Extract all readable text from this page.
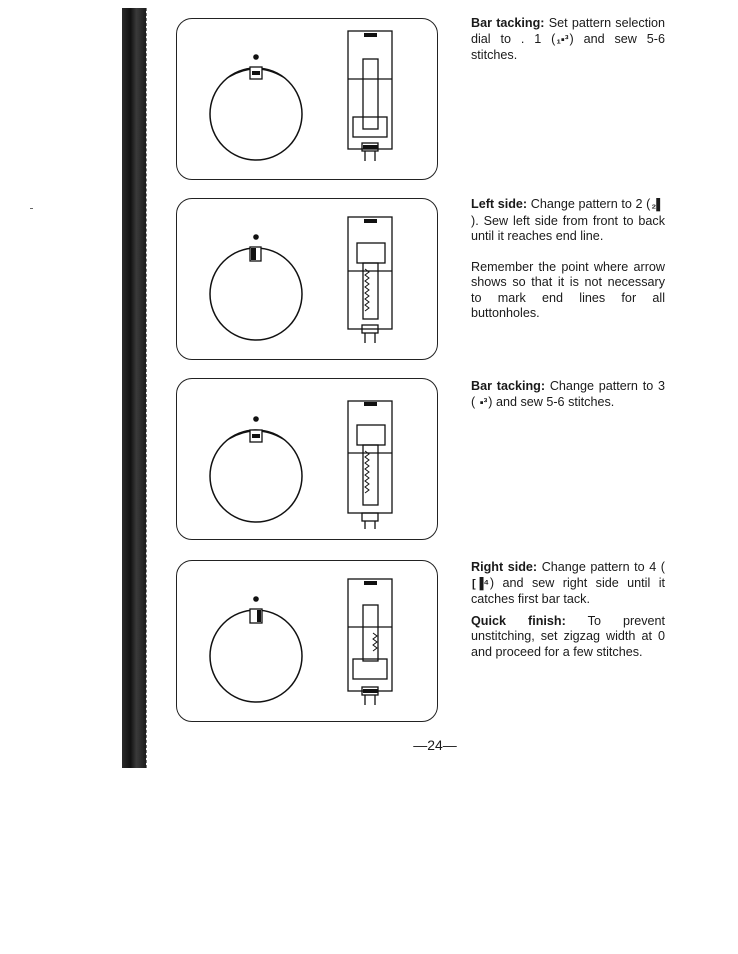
Bar tacking: Set pattern selection dial to . 1 (₁▪³) and sew 5-6 stitches.

Left side: Change pattern to 2 (₂▌). Sew left side from front to back until it reaches end line.

Remember the point where arrow shows so that it is not necessary to mark end lines for all buttonholes.

Bar tacking: Change pattern to 3 ( ▪³) and sew 5-6 stitches.

Right side: Change pattern to 4 ([▐⁴) and sew right side until it catches first bar tack.

Quick finish: To prevent unstitching, set zigzag width at 0 and proceed for a few stitches.

—24—
